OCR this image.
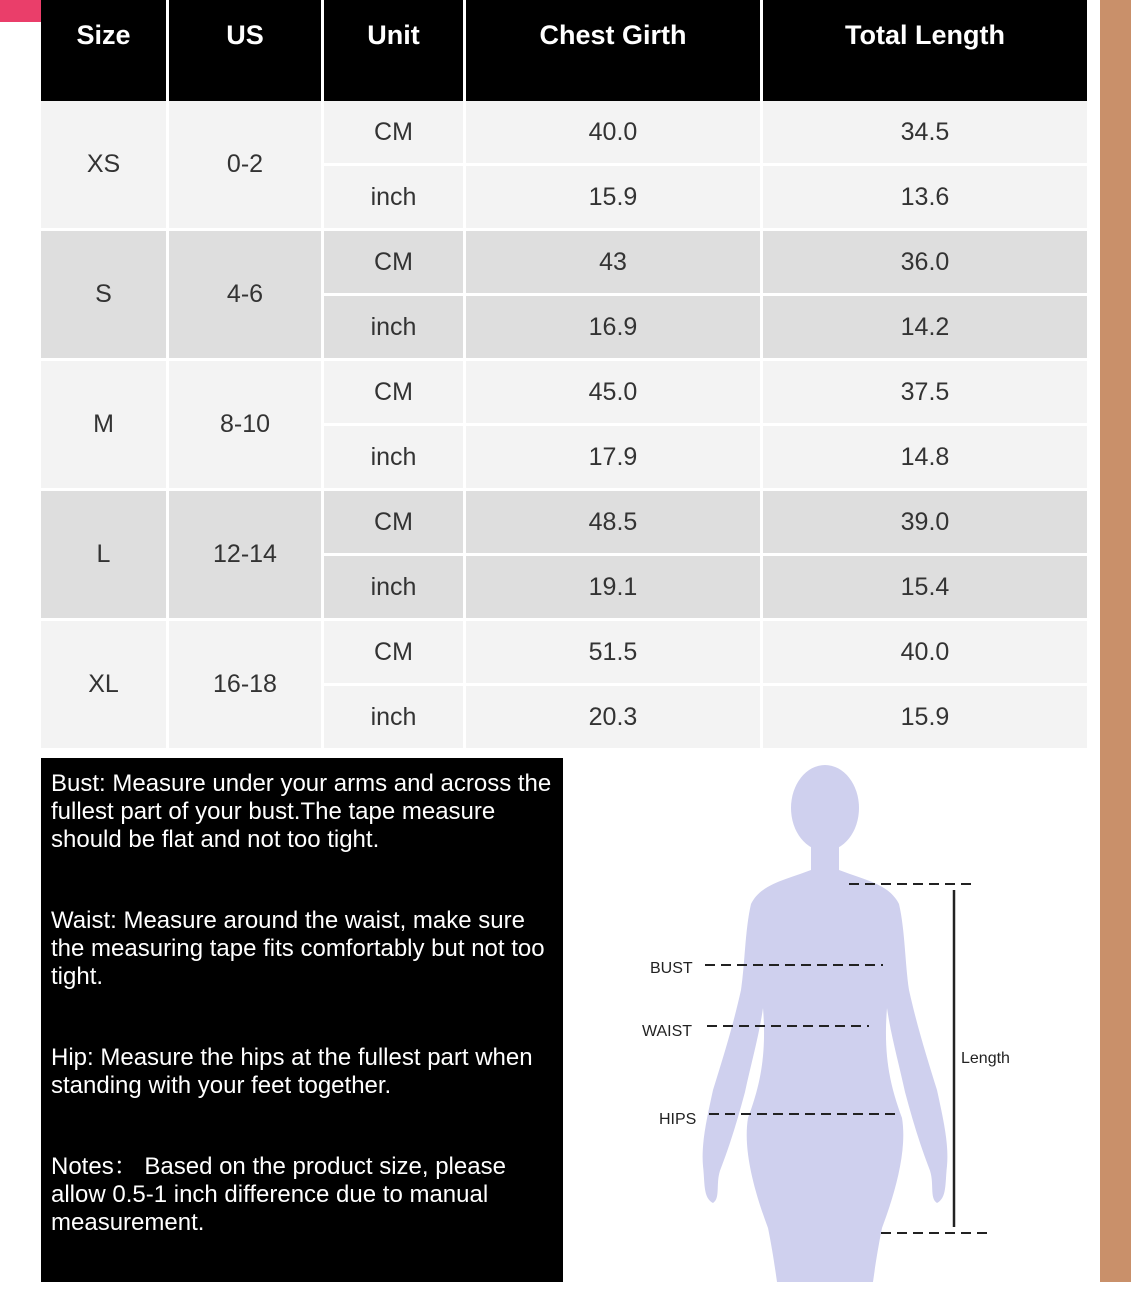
Size	US	Unit	Chest Girth	Total Length
XS	0-2	CM	40.0	34.5
		inch	15.9	13.6
S	4-6	CM	43	36.0
		inch	16.9	14.2
M	8-10	CM	45.0	37.5
		inch	17.9	14.8
L	12-14	CM	48.5	39.0
		inch	19.1	15.4
XL	16-18	CM	51.5	40.0
		inch	20.3	15.9

Bust: Measure under your arms and across the fullest part of your bust.The tape measure should be flat and not too tight.

Waist: Measure around the waist, make sure the measuring tape fits comfortably but not too tight.

Hip: Measure the hips at the fullest part when standing with your feet together.

Notes： Based on the product size, please allow 0.5-1 inch difference due to manual measurement.

BUST
WAIST
HIPS
Length
